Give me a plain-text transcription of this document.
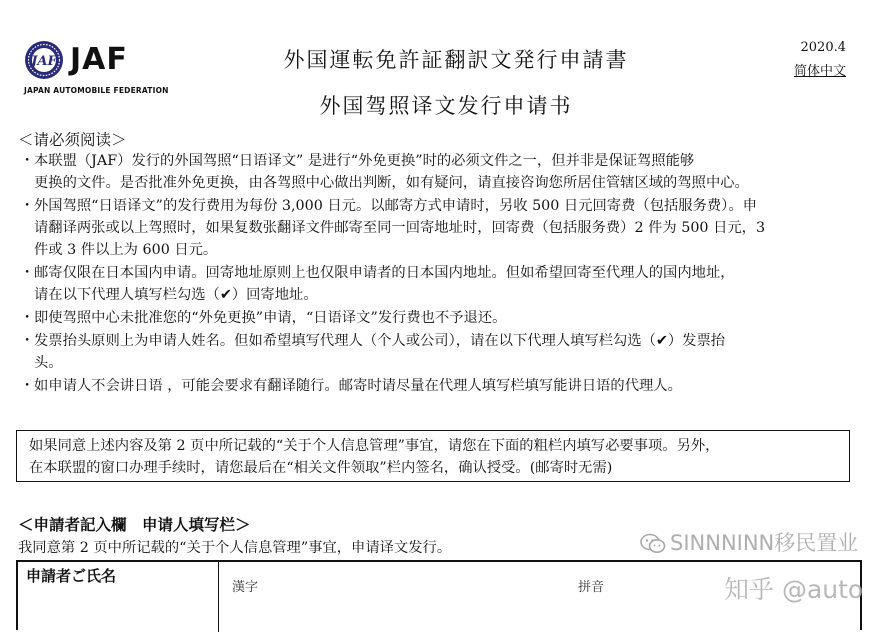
JAF JAF
JAPAN AUTOMOBILE FEDERATION
外国運転免許証翻訳文発行申請書
外国驾照译文发行申请书
2020.4
简体中文
＜请必须阅读＞
・ 本联盟（JAF）发行的外国驾照“日语译文” 是进行“外免更换”时的必须文件之一，但并非是保证驾照能够
更换的文件。是否批准外免更换，由各驾照中心做出判断，如有疑问，请直接咨询您所居住管辖区域的驾照中心。
・ 外国驾照“日语译文”的发行费用为每份 3,000 日元。以邮寄方式申请时，另收 500 日元回寄费（包括服务费）。申
请翻译两张或以上驾照时，如果复数张翻译文件邮寄至同一回寄地址时，回寄费（包括服务费）2 件为 500 日元，3
件或 3 件以上为 600 日元。
・ 邮寄仅限在日本国内申请。回寄地址原则上也仅限申请者的日本国内地址。但如希望回寄至代理人的国内地址，
请在以下代理人填写栏勾选（✔）回寄地址。
・ 即使驾照中心未批准您的“外免更换”申请，“日语译文”发行费也不予退还。
・ 发票抬头原则上为申请人姓名。但如希望填写代理人（个人或公司），请在以下代理人填写栏勾选（✔）发票抬
头。
・ 如申请人不会讲日语 ，可能会要求有翻译随行。邮寄时请尽量在代理人填写栏填写能讲日语的代理人。
如果同意上述内容及第 2 页中所记载的“关于个人信息管理”事宜，请您在下面的粗栏内填写必要事项。另外，
在本联盟的窗口办理手续时，请您最后在“相关文件领取”栏内签名，确认授受。(邮寄时无需)
＜申請者記入欄　申请人填写栏＞
我同意第 2 页中所记载的“关于个人信息管理”事宜，申请译文发行。
申請者ご氏名
漢字	拼音
SINNNINN移民置业
知乎 @auto
